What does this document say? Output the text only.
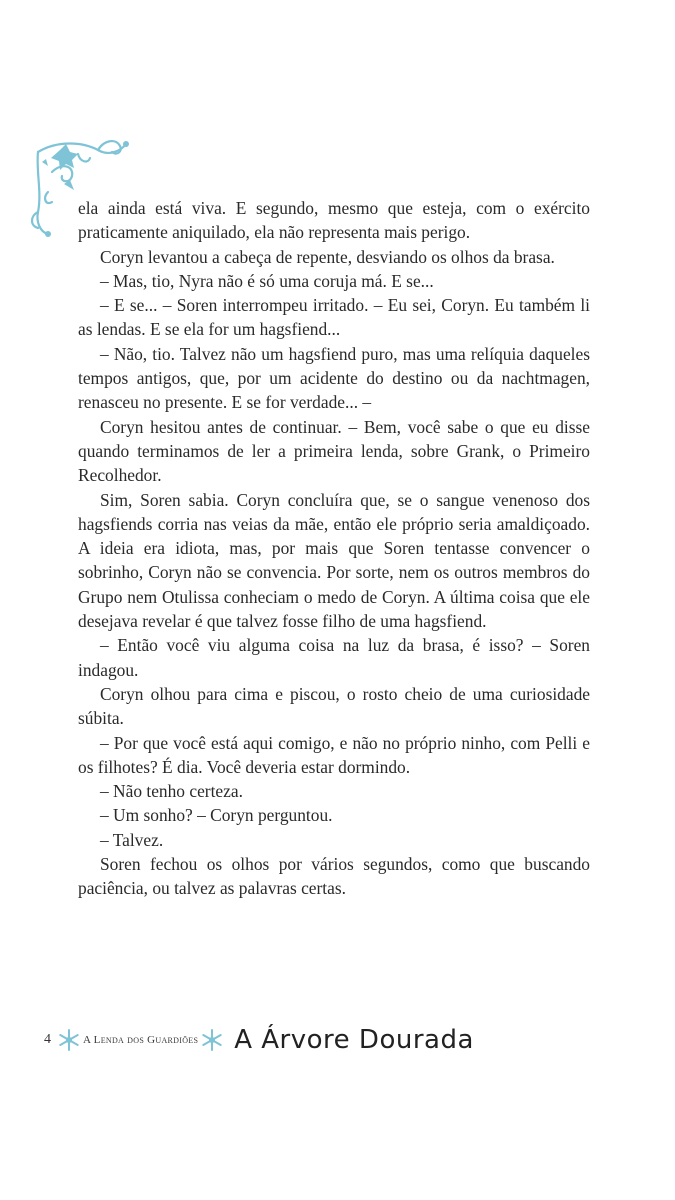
ela ainda está viva. E segundo, mesmo que esteja, com o exército praticamente aniquilado, ela não representa mais perigo.

Coryn levantou a cabeça de repente, desviando os olhos da brasa.

– Mas, tio, Nyra não é só uma coruja má. E se...

– E se... – Soren interrompeu irritado. – Eu sei, Coryn. Eu também li as lendas. E se ela for um hagsfiend...

– Não, tio. Talvez não um hagsfiend puro, mas uma relíquia daqueles tempos antigos, que, por um acidente do destino ou da nachtmagen, renasceu no presente. E se for verdade... –

Coryn hesitou antes de continuar. – Bem, você sabe o que eu disse quando terminamos de ler a primeira lenda, sobre Grank, o Primeiro Recolhedor.

Sim, Soren sabia. Coryn concluíra que, se o sangue venenoso dos hagsfiends corria nas veias da mãe, então ele próprio seria amaldiçoado. A ideia era idiota, mas, por mais que Soren tentasse convencer o sobrinho, Coryn não se convencia. Por sorte, nem os outros membros do Grupo nem Otulissa conheciam o medo de Coryn. A última coisa que ele desejava revelar é que talvez fosse filho de uma hagsfiend.

– Então você viu alguma coisa na luz da brasa, é isso? – Soren indagou.

Coryn olhou para cima e piscou, o rosto cheio de uma curiosidade súbita.

– Por que você está aqui comigo, e não no próprio ninho, com Pelli e os filhotes? É dia. Você deveria estar dormindo.

– Não tenho certeza.

– Um sonho? – Coryn perguntou.

– Talvez.

Soren fechou os olhos por vários segundos, como que buscando paciência, ou talvez as palavras certas.

4	A Lenda dos Guardiões A Árvore Dourada
